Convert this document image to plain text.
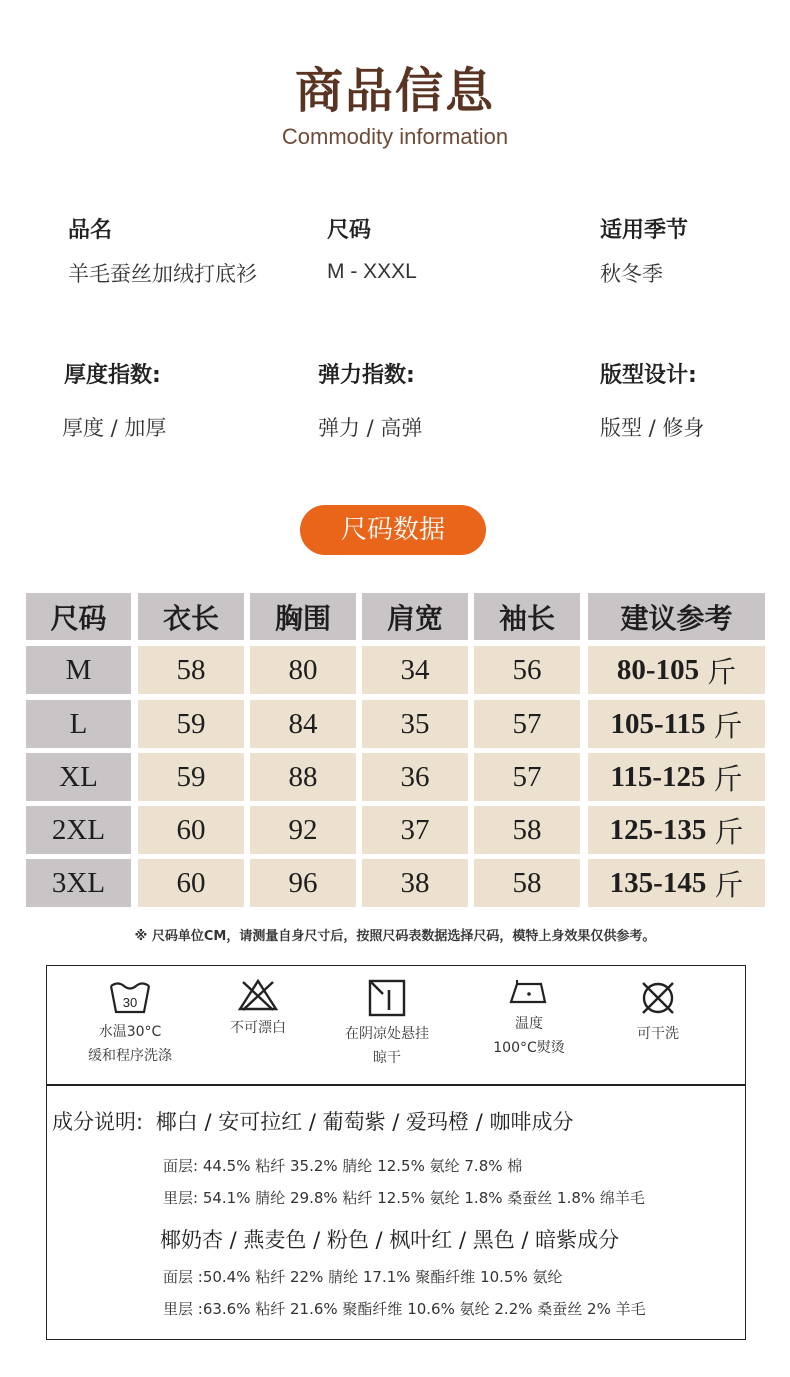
商品信息
Commodity information
品名
羊毛蚕丝加绒打底衫
尺码
M - XXXL
适用季节
秋冬季
厚度指数:
厚度 / 加厚
弹力指数:
弹力 / 高弹
版型设计:
版型 / 修身
尺码数据
尺码	衣长	胸围	肩宽	袖长	建议参考
M	58	80	34	56	80-105 斤
L	59	84	35	57	105-115 斤
XL	59	88	36	57	115-125 斤
2XL	60	92	37	58	125-135 斤
3XL	60	96	38	58	135-145 斤
※ 尺码单位CM，请测量自身尺寸后，按照尺码表数据选择尺码，模特上身效果仅供参考。
30
水温30°C
缓和程序洗涤
不可漂白	在阴凉处悬挂
晾干
温度
100°C熨烫
可干洗
成分说明: 椰白 / 安可拉红 / 葡萄紫 / 爱玛橙 / 咖啡成分
面层: 44.5% 粘纤 35.2% 腈纶 12.5% 氨纶 7.8% 棉
里层: 54.1% 腈纶 29.8% 粘纤 12.5% 氨纶 1.8% 桑蚕丝 1.8% 绵羊毛
椰奶杏 / 燕麦色 / 粉色 / 枫叶红 / 黑色 / 暗紫成分
面层 :50.4% 粘纤 22% 腈纶 17.1% 聚酯纤维 10.5% 氨纶
里层 :63.6% 粘纤 21.6% 聚酯纤维 10.6% 氨纶 2.2% 桑蚕丝 2% 羊毛
